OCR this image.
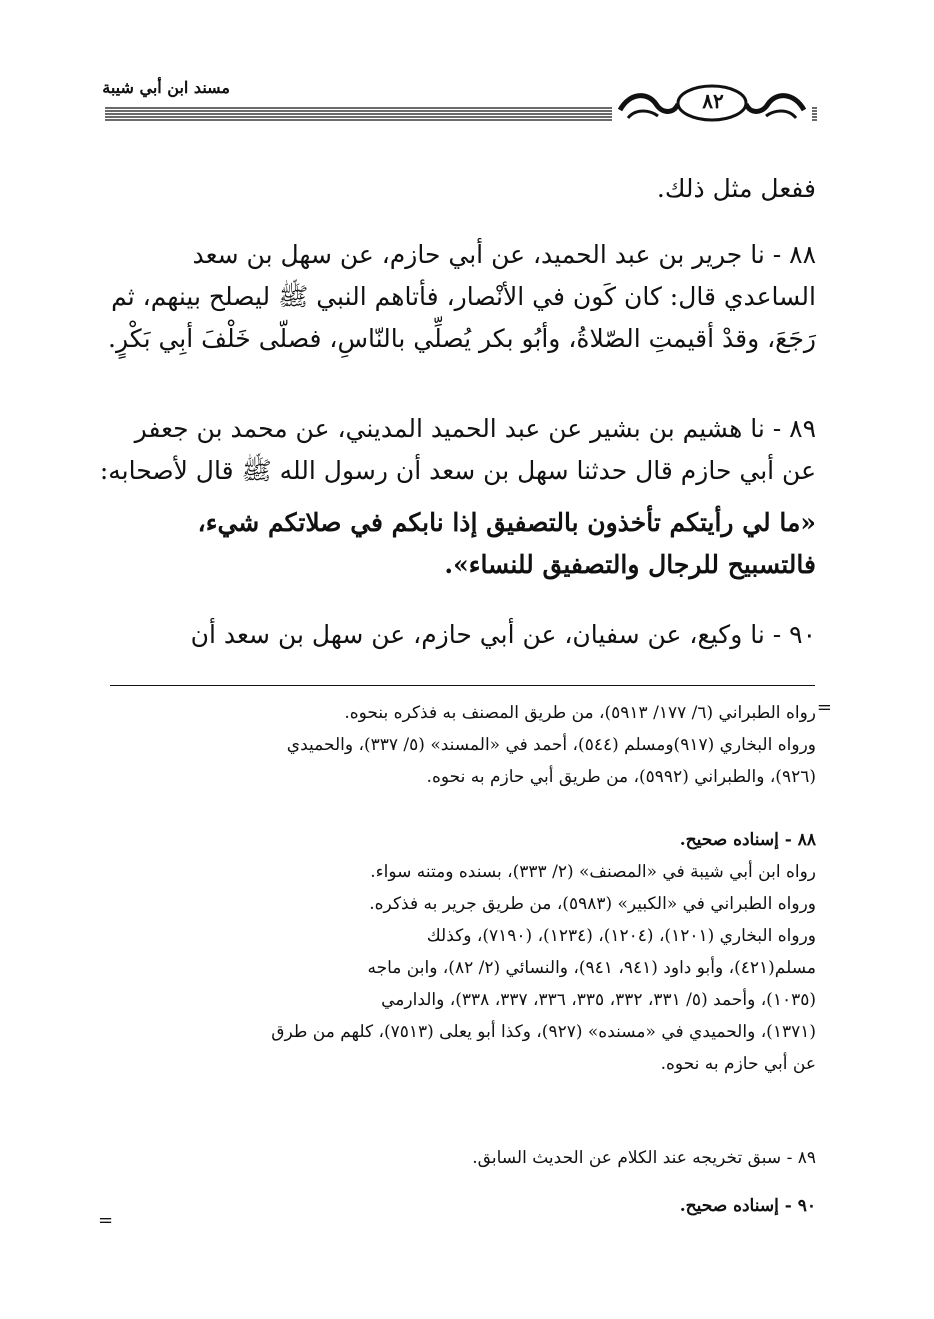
مسند ابن أبي شيبة
٨٢

ففعل مثل ذلك.

٨٨ - نا جرير بن عبد الحميد، عن أبي حازم، عن سهل بن سعد

الساعدي قال: كان كَون في الأنْصار، فأتاهم النبي ﷺ ليصلح بينهم، ثم

رَجَعَ، وقدْ أقيمتِ الصّلاةُ، وأبُو بكر يُصلِّي بالنّاسِ، فصلّى خَلْفَ أبِي بَكْرٍ.

٨٩ - نا هشيم بن بشير عن عبد الحميد المديني، عن محمد بن جعفر

عن أبي حازم قال حدثنا سهل بن سعد أن رسول الله ﷺ قال لأصحابه:

«ما لي رأيتكم تأخذون بالتصفيق إذا نابكم في صلاتكم شيء،

فالتسبيح للرجال والتصفيق للنساء».

٩٠ - نا وكيع، عن سفيان، عن أبي حازم، عن سهل بن سعد أن

=

رواه الطبراني (٦/ ١٧٧/ ٥٩١٣)، من طريق المصنف به فذكره بنحوه.

ورواه البخاري (٩١٧)ومسلم (٥٤٤)، أحمد في «المسند» (٥/ ٣٣٧)، والحميدي

(٩٢٦)، والطبراني (٥٩٩٢)، من طريق أبي حازم به نحوه.

٨٨ - إسناده صحيح.

رواه ابن أبي شيبة في «المصنف» (٢/ ٣٣٣)، بسنده ومتنه سواء.

ورواه الطبراني في «الكبير» (٥٩٨٣)، من طريق جرير به فذكره.

ورواه البخاري (١٢٠١)، (١٢٠٤)، (١٢٣٤)، (٧١٩٠)، وكذلك

مسلم(٤٢١)، وأبو داود (٩٤١، ٩٤١)، والنسائي (٢/ ٨٢)، وابن ماجه

(١٠٣٥)، وأحمد (٥/ ٣٣١، ٣٣٢، ٣٣٥، ٣٣٦، ٣٣٧، ٣٣٨)، والدارمي

(١٣٧١)، والحميدي في «مسنده» (٩٢٧)، وكذا أبو يعلى (٧٥١٣)، كلهم من طرق

عن أبي حازم به نحوه.

٨٩ - سبق تخريجه عند الكلام عن الحديث السابق.

٩٠ - إسناده صحيح.

=
